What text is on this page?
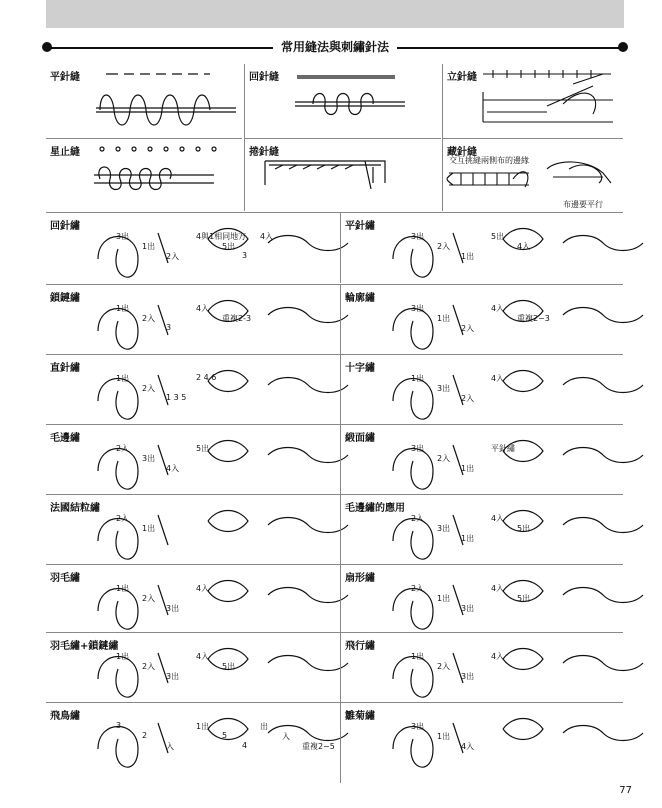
常用縫法與刺繡針法
平針縫	回針縫	立針縫
星止縫	捲針縫	藏針縫
交互挑縫兩側布的邊緣
布邊要平行
回針繡
3出
1出
2入
4與1相同地方
5出
3
4入
鎖鏈繡
1出
2入
3
4入
重複2-3
直針繡
1出
2入
1 3 5
2 4 6
毛邊繡
2入
3出
4入
5出
法國結粒繡
2入
1出
羽毛繡
1出
2入
3出
4入
羽毛繡+鎖鏈繡
1出
2入
3出
4入
5出
飛鳥繡
3
2
入
1出
5
4
出
入
重複2~5
平針繡
3出
2入
1出
5出
4入
輪廓繡
3出
1出
2入
4入
重複2~3
十字繡
1出
3出
2入
4入
緞面繡
3出
2入
1出
平針繡
毛邊繡的應用
2入
3出
1出
4入
5出
扇形繡
2入
1出
3出
4入
5出
飛行繡
1出
2入
3出
4入
雛菊繡
3出
1出
4入
77
